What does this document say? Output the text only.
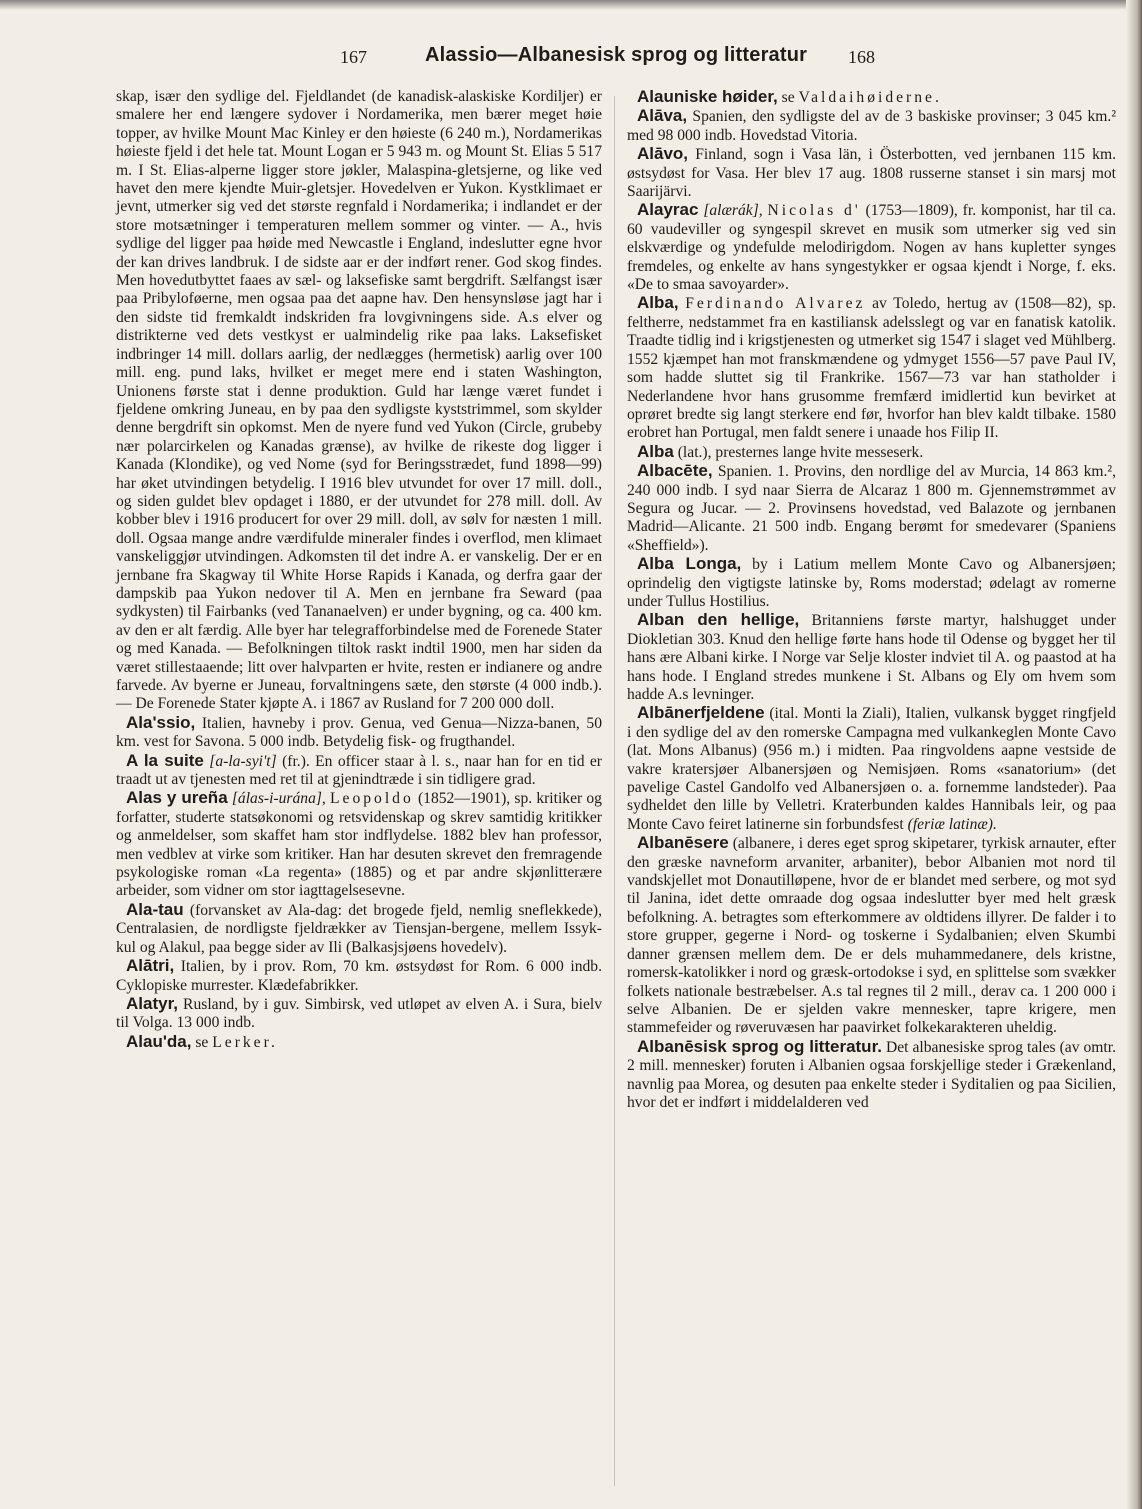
167	Alassio—Albanesisk sprog og litteratur 168

skap, især den sydlige del. Fjeldlandet (de kanadisk-alaskiske Kordiljer) er smalere her end længere sydover i Nordamerika, men bærer meget høie topper, av hvilke Mount Mac Kinley er den høieste (6 240 m.), Nordamerikas høieste fjeld i det hele tat. Mount Logan er 5 943 m. og Mount St. Elias 5 517 m. I St. Elias-alperne ligger store jøkler, Malaspina-gletsjerne, og like ved havet den mere kjendte Muir-gletsjer. Hovedelven er Yukon. Kystklimaet er jevnt, utmerker sig ved det største regnfald i Nordamerika; i indlandet er der store motsætninger i temperaturen mellem sommer og vinter. — A., hvis sydlige del ligger paa høide med Newcastle i England, indeslutter egne hvor der kan drives landbruk. I de sidste aar er der indført rener. God skog findes. Men hovedutbyttet faaes av sæl- og laksefiske samt bergdrift. Sælfangst især paa Pribyloføerne, men ogsaa paa det aapne hav. Den hensynsløse jagt har i den sidste tid fremkaldt indskriden fra lovgivningens side. A.s elver og distrikterne ved dets vestkyst er ualmindelig rike paa laks. Laksefisket indbringer 14 mill. dollars aarlig, der nedlægges (hermetisk) aarlig over 100 mill. eng. pund laks, hvilket er meget mere end i staten Washington, Unionens første stat i denne produktion. Guld har længe været fundet i fjeldene omkring Juneau, en by paa den sydligste kyststrimmel, som skylder denne bergdrift sin opkomst. Men de nyere fund ved Yukon (Circle, grubeby nær polarcirkelen og Kanadas grænse), av hvilke de rikeste dog ligger i Kanada (Klondike), og ved Nome (syd for Beringsstrædet, fund 1898—99) har øket utvindingen betydelig. I 1916 blev utvundet for over 17 mill. doll., og siden guldet blev opdaget i 1880, er der utvundet for 278 mill. doll. Av kobber blev i 1916 producert for over 29 mill. doll, av sølv for næsten 1 mill. doll. Ogsaa mange andre værdifulde mineraler findes i overflod, men klimaet vanskeliggjør utvindingen. Adkomsten til det indre A. er vanskelig. Der er en jernbane fra Skagway til White Horse Rapids i Kanada, og derfra gaar der dampskib paa Yukon nedover til A. Men en jernbane fra Seward (paa sydkysten) til Fairbanks (ved Tananaelven) er under bygning, og ca. 400 km. av den er alt færdig. Alle byer har telegrafforbindelse med de Forenede Stater og med Kanada. — Befolkningen tiltok raskt indtil 1900, men har siden da været stillestaaende; litt over halvparten er hvite, resten er indianere og andre farvede. Av byerne er Juneau, forvaltningens sæte, den største (4 000 indb.). — De Forenede Stater kjøpte A. i 1867 av Rusland for 7 200 000 doll.

Ala'ssio, Italien, havneby i prov. Genua, ved Genua—Nizza-banen, 50 km. vest for Savona. 5 000 indb. Betydelig fisk- og frugthandel.

A la suite [a-la-syi't] (fr.). En officer staar à l. s., naar han for en tid er traadt ut av tjenesten med ret til at gjenindtræde i sin tidligere grad.

Alas y ureña [álas-i-urána], Leopoldo (1852—1901), sp. kritiker og forfatter, studerte statsøkonomi og retsvidenskap og skrev samtidig kritikker og anmeldelser, som skaffet ham stor indflydelse. 1882 blev han professor, men vedblev at virke som kritiker. Han har desuten skrevet den fremragende psykologiske roman «La regenta» (1885) og et par andre skjønlitterære arbeider, som vidner om stor iagttagelsesevne.

Ala-tau (forvansket av Ala-dag: det brogede fjeld, nemlig sneflekkede), Centralasien, de nordligste fjeldrækker av Tiensjan-bergene, mellem Issyk-kul og Alakul, paa begge sider av Ili (Balkasjsjøens hovedelv).

Alātri, Italien, by i prov. Rom, 70 km. østsydøst for Rom. 6 000 indb. Cyklopiske murrester. Klædefabrikker.

Alatyr, Rusland, by i guv. Simbirsk, ved utløpet av elven A. i Sura, bielv til Volga. 13 000 indb.

Alau'da, se Lerker.

Alauniske høider, se Valdaihøiderne.

Alāva, Spanien, den sydligste del av de 3 baskiske provinser; 3 045 km.² med 98 000 indb. Hovedstad Vitoria.

Alāvo, Finland, sogn i Vasa län, i Österbotten, ved jernbanen 115 km. østsydøst for Vasa. Her blev 17 aug. 1808 russerne stanset i sin marsj mot Saarijärvi.

Alayrac [alærák], Nicolas d' (1753—1809), fr. komponist, har til ca. 60 vaudeviller og syngespil skrevet en musik som utmerker sig ved sin elskværdige og yndefulde melodirigdom. Nogen av hans kupletter synges fremdeles, og enkelte av hans syngestykker er ogsaa kjendt i Norge, f. eks. «De to smaa savoyarder».

Alba, Ferdinando Alvarez av Toledo, hertug av (1508—82), sp. feltherre, nedstammet fra en kastiliansk adelsslegt og var en fanatisk katolik. Traadte tidlig ind i krigstjenesten og utmerket sig 1547 i slaget ved Mühlberg. 1552 kjæmpet han mot franskmændene og ydmyget 1556—57 pave Paul IV, som hadde sluttet sig til Frankrike. 1567—73 var han statholder i Nederlandene hvor hans grusomme fremfærd imidlertid kun bevirket at oprøret bredte sig langt sterkere end før, hvorfor han blev kaldt tilbake. 1580 erobret han Portugal, men faldt senere i unaade hos Filip II.

Alba (lat.), presternes lange hvite messeserk.

Albacēte, Spanien. 1. Provins, den nordlige del av Murcia, 14 863 km.², 240 000 indb. I syd naar Sierra de Alcaraz 1 800 m. Gjennemstrømmet av Segura og Jucar. — 2. Provinsens hovedstad, ved Balazote og jernbanen Madrid—Alicante. 21 500 indb. Engang berømt for smedevarer (Spaniens «Sheffield»).

Alba Longa, by i Latium mellem Monte Cavo og Albanersjøen; oprindelig den vigtigste latinske by, Roms moderstad; ødelagt av romerne under Tullus Hostilius.

Alban den hellige, Britanniens første martyr, halshugget under Diokletian 303. Knud den hellige førte hans hode til Odense og bygget her til hans ære Albani kirke. I Norge var Selje kloster indviet til A. og paastod at ha hans hode. I England stredes munkene i St. Albans og Ely om hvem som hadde A.s levninger.

Albānerfjeldene (ital. Monti la Ziali), Italien, vulkansk bygget ringfjeld i den sydlige del av den romerske Campagna med vulkankeglen Monte Cavo (lat. Mons Albanus) (956 m.) i midten. Paa ringvoldens aapne vestside de vakre kratersjøer Albanersjøen og Nemisjøen. Roms «sanatorium» (det pavelige Castel Gandolfo ved Albanersjøen o. a. fornemme landsteder). Paa sydheldet den lille by Velletri. Kraterbunden kaldes Hannibals leir, og paa Monte Cavo feiret latinerne sin forbundsfest (feriæ latinæ).

Albanēsere (albanere, i deres eget sprog skipetarer, tyrkisk arnauter, efter den græske navneform arvaniter, arbaniter), bebor Albanien mot nord til vandskjellet mot Donautilløpene, hvor de er blandet med serbere, og mot syd til Janina, idet dette omraade dog ogsaa indeslutter byer med helt græsk befolkning. A. betragtes som efterkommere av oldtidens illyrer. De falder i to store grupper, gegerne i Nord- og toskerne i Sydalbanien; elven Skumbi danner grænsen mellem dem. De er dels muhammedanere, dels kristne, romersk-katolikker i nord og græsk-ortodokse i syd, en splittelse som svækker folkets nationale bestræbelser. A.s tal regnes til 2 mill., derav ca. 1 200 000 i selve Albanien. De er sjelden vakre mennesker, tapre krigere, men stammefeider og røveruvæsen har paavirket folkekarakteren uheldig.

Albanēsisk sprog og litteratur. Det albanesiske sprog tales (av omtr. 2 mill. mennesker) foruten i Albanien ogsaa forskjellige steder i Grækenland, navnlig paa Morea, og desuten paa enkelte steder i Syditalien og paa Sicilien, hvor det er indført i middelalderen ved
